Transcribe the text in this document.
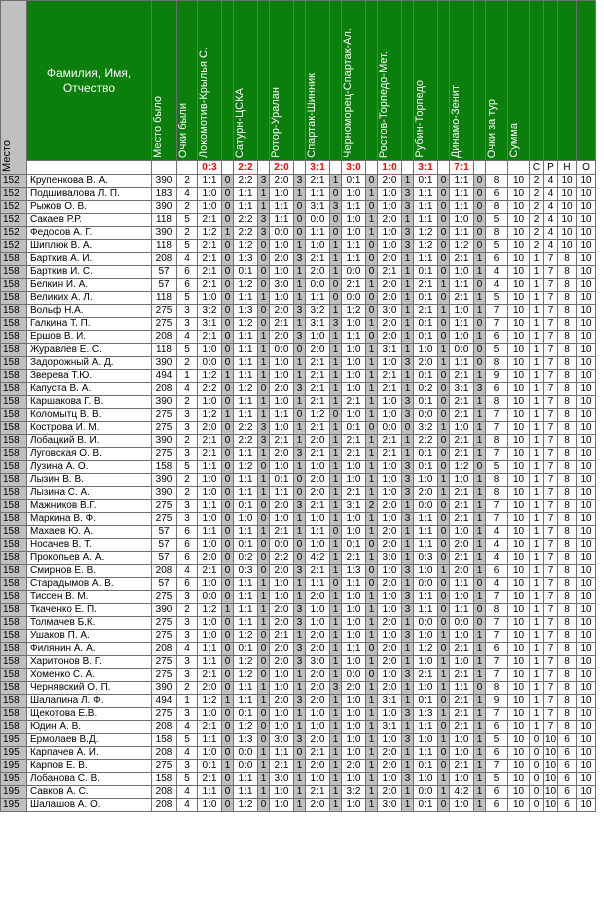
Место	Фамилия, Имя, Отчество	Место было	Очки были	Локомотив-Крылья С.		Сатурн-ЦСКА		Ротор-Уралан		Спартак-Шинник		Черноморец-Спартак-Ал.		Ростов-Торпедо-Мет.		Рубин-Торпедо		Динамо-Зенит		Очки за тур	Сумма				

				0:3		2:2		2:0		3:1		3:0		1:0		3:1		7:1				С	Р	Н	О
152	Крупенкова В. А.	390	2	1:1	0	2:2	3	2:0	3	2:1	1	0:1	0	2:0	1	0:1	0	1:1	0	8	10	2	4	10	10
152	Подшивалова Л. П.	183	4	1:0	0	1:1	1	1:0	1	1:1	0	1:0	1	1:0	3	1:1	0	1:1	0	6	10	2	4	10	10
152	Рыжов О. В.	390	2	1:0	0	1:1	1	1:1	0	3:1	3	1:1	0	1:0	3	1:1	0	1:1	0	8	10	2	4	10	10
152	Сакаев Р.Р.	118	5	2:1	0	2:2	3	1:1	0	0:0	0	1:0	1	2:0	1	1:1	0	1:0	0	5	10	2	4	10	10
152	Федосов А. Г.	390	2	1:2	1	2:2	3	0:0	0	1:1	0	1:0	1	1:0	3	1:2	0	1:1	0	8	10	2	4	10	10
152	Шиплюк В. А.	118	5	2:1	0	1:2	0	1:0	1	1:0	1	1:1	0	1:0	3	1:2	0	1:2	0	5	10	2	4	10	10
158	Барткив А. И.	208	4	2:1	0	1:3	0	2:0	3	2:1	1	1:1	0	2:0	1	1:1	0	2:1	1	6	10	1	7	8	10
158	Барткив И. С.	57	6	2:1	0	0:1	0	1:0	1	2:0	1	0:0	0	2:1	1	0:1	0	1:0	1	4	10	1	7	8	10
158	Белкин И. А.	57	6	2:1	0	1:2	0	3:0	1	0:0	0	2:1	1	2:0	1	2:1	1	1:1	0	4	10	1	7	8	10
158	Великих А. Л.	118	5	1:0	0	1:1	1	1:0	1	1:1	0	0:0	0	2:0	1	0:1	0	2:1	1	5	10	1	7	8	10
158	Вольф Н.А.	275	3	3:2	0	1:3	0	2:0	3	3:2	1	1:2	0	3:0	1	2:1	1	1:0	1	7	10	1	7	8	10
158	Галкина Т. П.	275	3	3:1	0	1:2	0	2:1	1	3:1	3	1:0	1	2:0	1	0:1	0	1:1	0	7	10	1	7	8	10
158	Ершов В. И.	208	4	2:1	0	1:1	1	2:0	3	1:0	1	1:1	0	2:0	1	0:1	0	1:0	1	6	10	1	7	8	10
158	Журавлев Е. С.	118	5	1:0	0	1:1	1	0:0	0	2:0	1	1:0	1	3:1	1	1:0	1	0:0	0	5	10	1	7	8	10
158	Задорожный А. Д.	390	2	0:0	0	1:1	1	1:0	1	2:1	1	1:0	1	1:0	3	2:0	1	1:1	0	8	10	1	7	8	10
158	Зверева Т.Ю.	494	1	1:2	1	1:1	1	1:0	1	2:1	1	1:0	1	2:1	1	0:1	0	2:1	1	9	10	1	7	8	10
158	Капуста В. А.	208	4	2:2	0	1:2	0	2:0	3	2:1	1	1:0	1	2:1	1	0:2	0	3:1	3	6	10	1	7	8	10
158	Каршакова Г. В.	390	2	1:0	0	1:1	1	1:0	1	2:1	1	2:1	1	1:0	3	0:1	0	2:1	1	8	10	1	7	8	10
158	Коломытц В. В.	275	3	1:2	1	1:1	1	1:1	0	1:2	0	1:0	1	1:0	3	0:0	0	2:1	1	7	10	1	7	8	10
158	Кострова И. М.	275	3	2:0	0	2:2	3	1:0	1	2:1	1	0:1	0	0:0	0	3:2	1	1:0	1	7	10	1	7	8	10
158	Лобацкий В. И.	390	2	2:1	0	2:2	3	2:1	1	2:0	1	2:1	1	2:1	1	2:2	0	2:1	1	8	10	1	7	8	10
158	Луговская О. В.	275	3	2:1	0	1:1	1	2:0	3	2:1	1	2:1	1	2:1	1	0:1	0	2:1	1	7	10	1	7	8	10
158	Лузина А. О.	158	5	1:1	0	1:2	0	1:0	1	1:0	1	1:0	1	1:0	3	0:1	0	1:2	0	5	10	1	7	8	10
158	Лызин В. В.	390	2	1:0	0	1:1	1	0:1	0	2:0	1	1:0	1	1:0	3	1:0	1	1:0	1	8	10	1	7	8	10
158	Лызина С. А.	390	2	1:0	0	1:1	1	1:1	0	2:0	1	2:1	1	1:0	3	2:0	1	2:1	1	8	10	1	7	8	10
158	Мажников В.Г.	275	3	1:1	0	0:1	0	2:0	3	2:1	1	3:1	2	2:0	1	0:0	0	2:1	1	7	10	1	7	8	10
158	Маркина В. Ф.	275	3	1:0	0	1:0	0	1:0	1	1:0	1	1:0	1	1:0	3	1:1	0	2:1	1	7	10	1	7	8	10
158	Махаев Ю. А.	57	6	1:1	0	1:1	1	2:1	1	1:1	0	1:0	1	2:0	1	1:1	0	1:0	1	4	10	1	7	8	10
158	Носачев В. Т.	57	6	1:0	0	0:1	0	0:0	0	1:0	1	0:1	0	2:0	1	1:1	0	2:0	1	4	10	1	7	8	10
158	Прокопьев А. А.	57	6	2:0	0	0:2	0	2:2	0	4:2	1	2:1	1	3:0	1	0:3	0	2:1	1	4	10	1	7	8	10
158	Смирнов Е. В.	208	4	2:1	0	0:3	0	2:0	3	2:1	1	1:3	0	1:0	3	1:0	1	2:0	1	6	10	1	7	8	10
158	Старадымов А. В.	57	6	1:0	0	1:1	1	1:0	1	1:1	0	1:1	0	2:0	1	0:0	0	1:1	0	4	10	1	7	8	10
158	Тиссен В. М.	275	3	0:0	0	1:1	1	1:0	1	2:0	1	1:0	1	1:0	3	1:1	0	1:0	1	7	10	1	7	8	10
158	Ткаченко Е. П.	390	2	1:2	1	1:1	1	2:0	3	1:0	1	1:0	1	1:0	3	1:1	0	1:1	0	8	10	1	7	8	10
158	Толмачев Б.К.	275	3	1:0	0	1:1	1	2:0	3	1:0	1	1:0	1	2:0	1	0:0	0	0:0	0	7	10	1	7	8	10
158	Ушаков П. А.	275	3	1:0	0	1:2	0	2:1	1	2:0	1	1:0	1	1:0	3	1:0	1	1:0	1	7	10	1	7	8	10
158	Филянин А. А.	208	4	1:1	0	0:1	0	2:0	3	2:0	1	1:1	0	2:0	1	1:2	0	2:1	1	6	10	1	7	8	10
158	Харитонов В. Г.	275	3	1:1	0	1:2	0	2:0	3	3:0	1	1:0	1	2:0	1	1:0	1	1:0	1	7	10	1	7	8	10
158	Хоменко С. А.	275	3	2:1	0	1:2	0	1:0	1	2:0	1	0:0	0	1:0	3	2:1	1	2:1	1	7	10	1	7	8	10
158	Чернявский О. П.	390	2	2:0	0	1:1	1	1:0	1	2:0	3	2:0	1	2:0	1	1:0	1	1:1	0	8	10	1	7	8	10
158	Шалапина Л. Ф.	494	1	1:2	1	1:1	1	2:0	3	2:0	1	1:0	1	3:1	1	0:1	0	2:1	1	9	10	1	7	8	10
158	Щекотова Е.В.	275	3	1:0	0	0:1	0	1:0	1	1:0	1	1:0	1	1:0	3	1:3	1	2:1	1	7	10	1	7	8	10
158	Юдин А. В.	208	4	2:1	0	1:2	0	1:0	1	1:0	1	1:0	1	3:1	1	1:1	0	2:1	1	6	10	1	7	8	10
195	Ермолаев В.Д.	158	5	1:1	0	1:3	0	3:0	3	2:0	1	1:0	1	1:0	3	1:0	1	1:0	1	5	10	0	10	6	10
195	Карпачев А. И.	208	4	1:0	0	0:0	1	1:1	0	2:1	1	1:0	1	2:0	1	1:1	0	1:0	1	6	10	0	10	6	10
195	Карпов Е. В.	275	3	0:1	1	0:0	1	2:1	1	2:0	1	2:0	1	2:0	1	0:1	0	2:1	1	7	10	0	10	6	10
195	Лобанова С. В.	158	5	2:1	0	1:1	1	3:0	1	1:0	1	1:0	1	1:0	3	1:0	1	1:0	1	5	10	0	10	6	10
195	Савков А. С.	208	4	1:1	0	1:1	1	1:0	1	2:1	1	3:2	1	2:0	1	0:0	1	4:2	1	6	10	0	10	6	10
195	Шалашов А. О.	208	4	1:0	0	1:2	0	1:0	1	2:0	1	1:0	1	3:0	1	0:1	0	1:0	1	6	10	0	10	6	10
